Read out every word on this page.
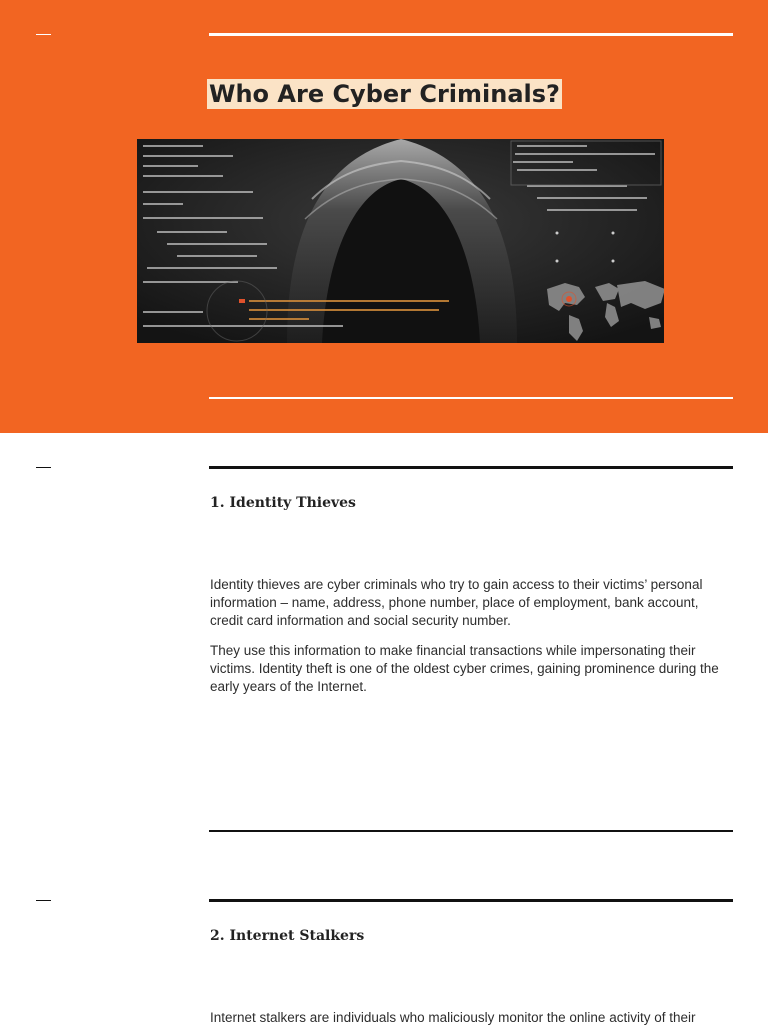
Who Are Cyber Criminals?
1. Identity Thieves

Identity thieves are cyber criminals who try to gain access to their victims’ personal information – name, address, phone number, place of employment, bank account, credit card information and social security number.

They use this information to make financial transactions while impersonating their victims. Identity theft is one of the oldest cyber crimes, gaining prominence during the early years of the Internet.

2. Internet Stalkers

Internet stalkers are individuals who maliciously monitor the online activity of their
